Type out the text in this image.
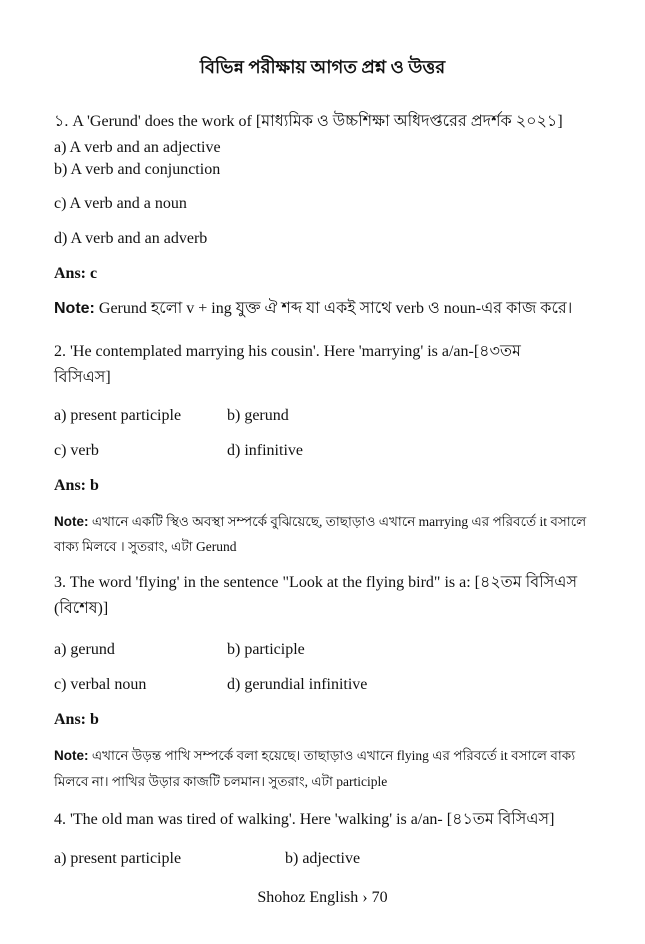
বিভিন্ন পরীক্ষায় আগত প্রশ্ন ও উত্তর
১. A 'Gerund' does the work of [মাধ্যমিক ও উচ্চশিক্ষা অধিদপ্তরের প্রদর্শক ২০২১]
a) A verb and an adjective
b) A verb and conjunction
c) A verb and a noun
d) A verb and an adverb
Ans: c
Note: Gerund হলো v + ing যুক্ত ঐ শব্দ যা একই সাথে verb ও noun-এর কাজ করে।
2. 'He contemplated marrying his cousin'. Here 'marrying' is a/an-[৪৩তম
বিসিএস]
a) present participle	b) gerund
c) verb	d) infinitive
Ans: b
Note: এখানে একটি স্থিও অবস্থা সম্পর্কে বুঝিয়েছে, তাছাড়াও এখানে marrying এর পরিবর্তে it বসালে
বাক্য মিলবে । সুতরাং, এটা Gerund
3. The word 'flying' in the sentence "Look at the flying bird" is a: [৪২তম বিসিএস
(বিশেষ)]
a) gerund	b) participle
c) verbal noun	d) gerundial infinitive
Ans: b
Note: এখানে উড়ন্ত পাখি সম্পর্কে বলা হয়েছে। তাছাড়াও এখানে flying এর পরিবর্তে it বসালে বাক্য
মিলবে না। পাখির উড়ার কাজটি চলমান। সুতরাং, এটা participle
4. 'The old man was tired of walking'. Here 'walking' is a/an- [৪১তম বিসিএস]
a) present participle	b) adjective
Shohoz English › 70
